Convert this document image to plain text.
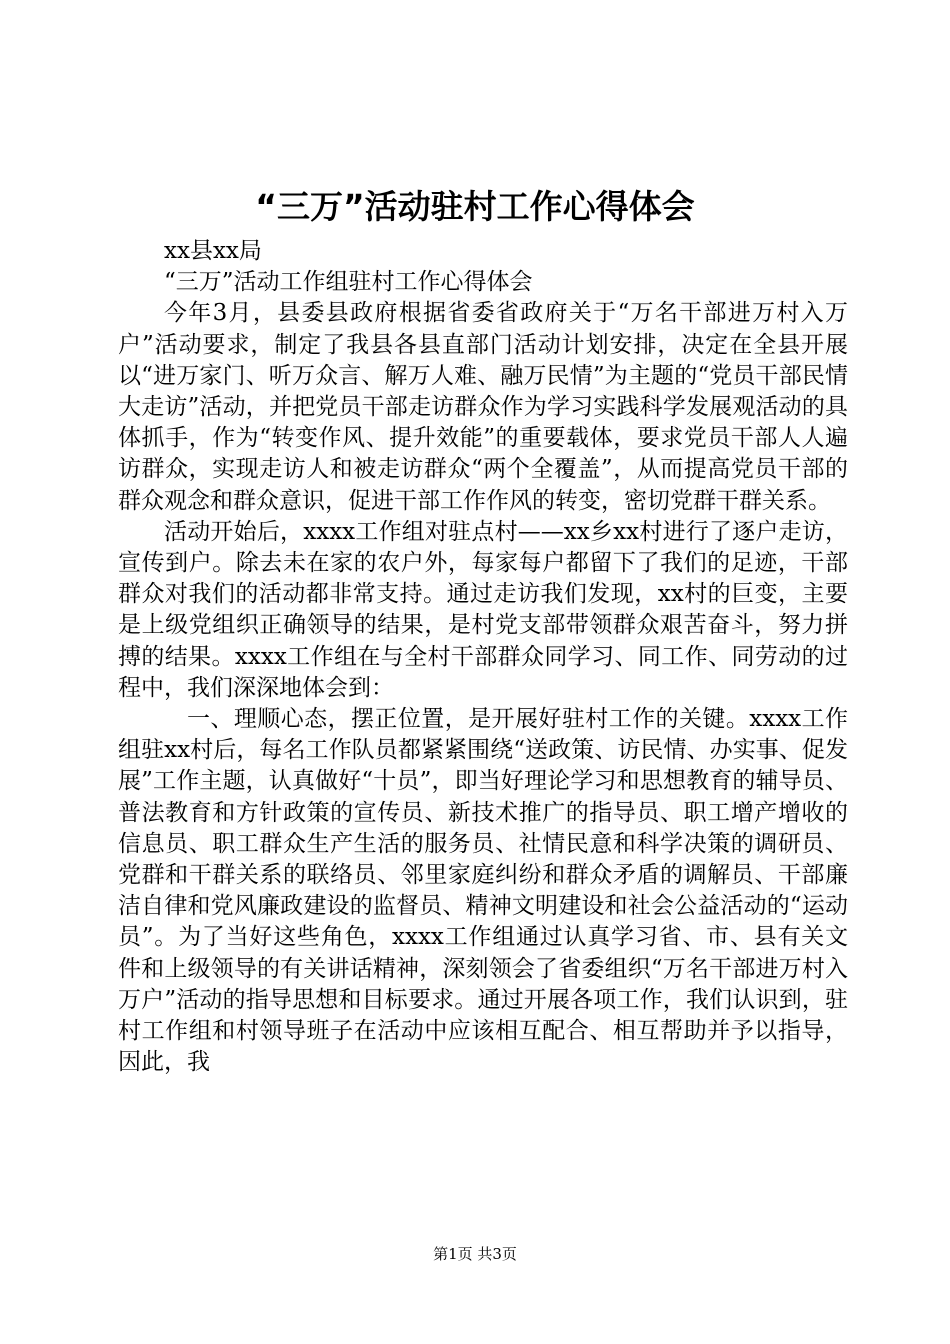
“三万”活动驻村工作心得体会

xx县xx局

“三万”活动工作组驻村工作心得体会

今年3月，县委县政府根据省委省政府关于“万名干部进万村入万户”活动要求，制定了我县各县直部门活动计划安排，决定在全县开展以“进万家门、听万众言、解万人难、融万民情”为主题的“党员干部民情大走访”活动，并把党员干部走访群众作为学习实践科学发展观活动的具体抓手，作为“转变作风、提升效能”的重要载体，要求党员干部人人遍访群众，实现走访人和被走访群众“两个全覆盖”，从而提高党员干部的群众观念和群众意识，促进干部工作作风的转变，密切党群干群关系。

活动开始后，xxxx工作组对驻点村——xx乡xx村进行了逐户走访，宣传到户。除去未在家的农户外，每家每户都留下了我们的足迹，干部群众对我们的活动都非常支持。通过走访我们发现，xx村的巨变，主要是上级党组织正确领导的结果，是村党支部带领群众艰苦奋斗，努力拼搏的结果。xxxx工作组在与全村干部群众同学习、同工作、同劳动的过程中，我们深深地体会到：

一、理顺心态，摆正位置，是开展好驻村工作的关键。xxxx工作组驻xx村后，每名工作队员都紧紧围绕“送政策、访民情、办实事、促发展”工作主题，认真做好“十员”，即当好理论学习和思想教育的辅导员、普法教育和方针政策的宣传员、新技术推广的指导员、职工增产增收的信息员、职工群众生产生活的服务员、社情民意和科学决策的调研员、党群和干群关系的联络员、邻里家庭纠纷和群众矛盾的调解员、干部廉洁自律和党风廉政建设的监督员、精神文明建设和社会公益活动的“运动员”。为了当好这些角色，xxxx工作组通过认真学习省、市、县有关文件和上级领导的有关讲话精神，深刻领会了省委组织“万名干部进万村入万户”活动的指导思想和目标要求。通过开展各项工作，我们认识到，驻村工作组和村领导班子在活动中应该相互配合、相互帮助并予以指导，因此，我

第1页 共3页
